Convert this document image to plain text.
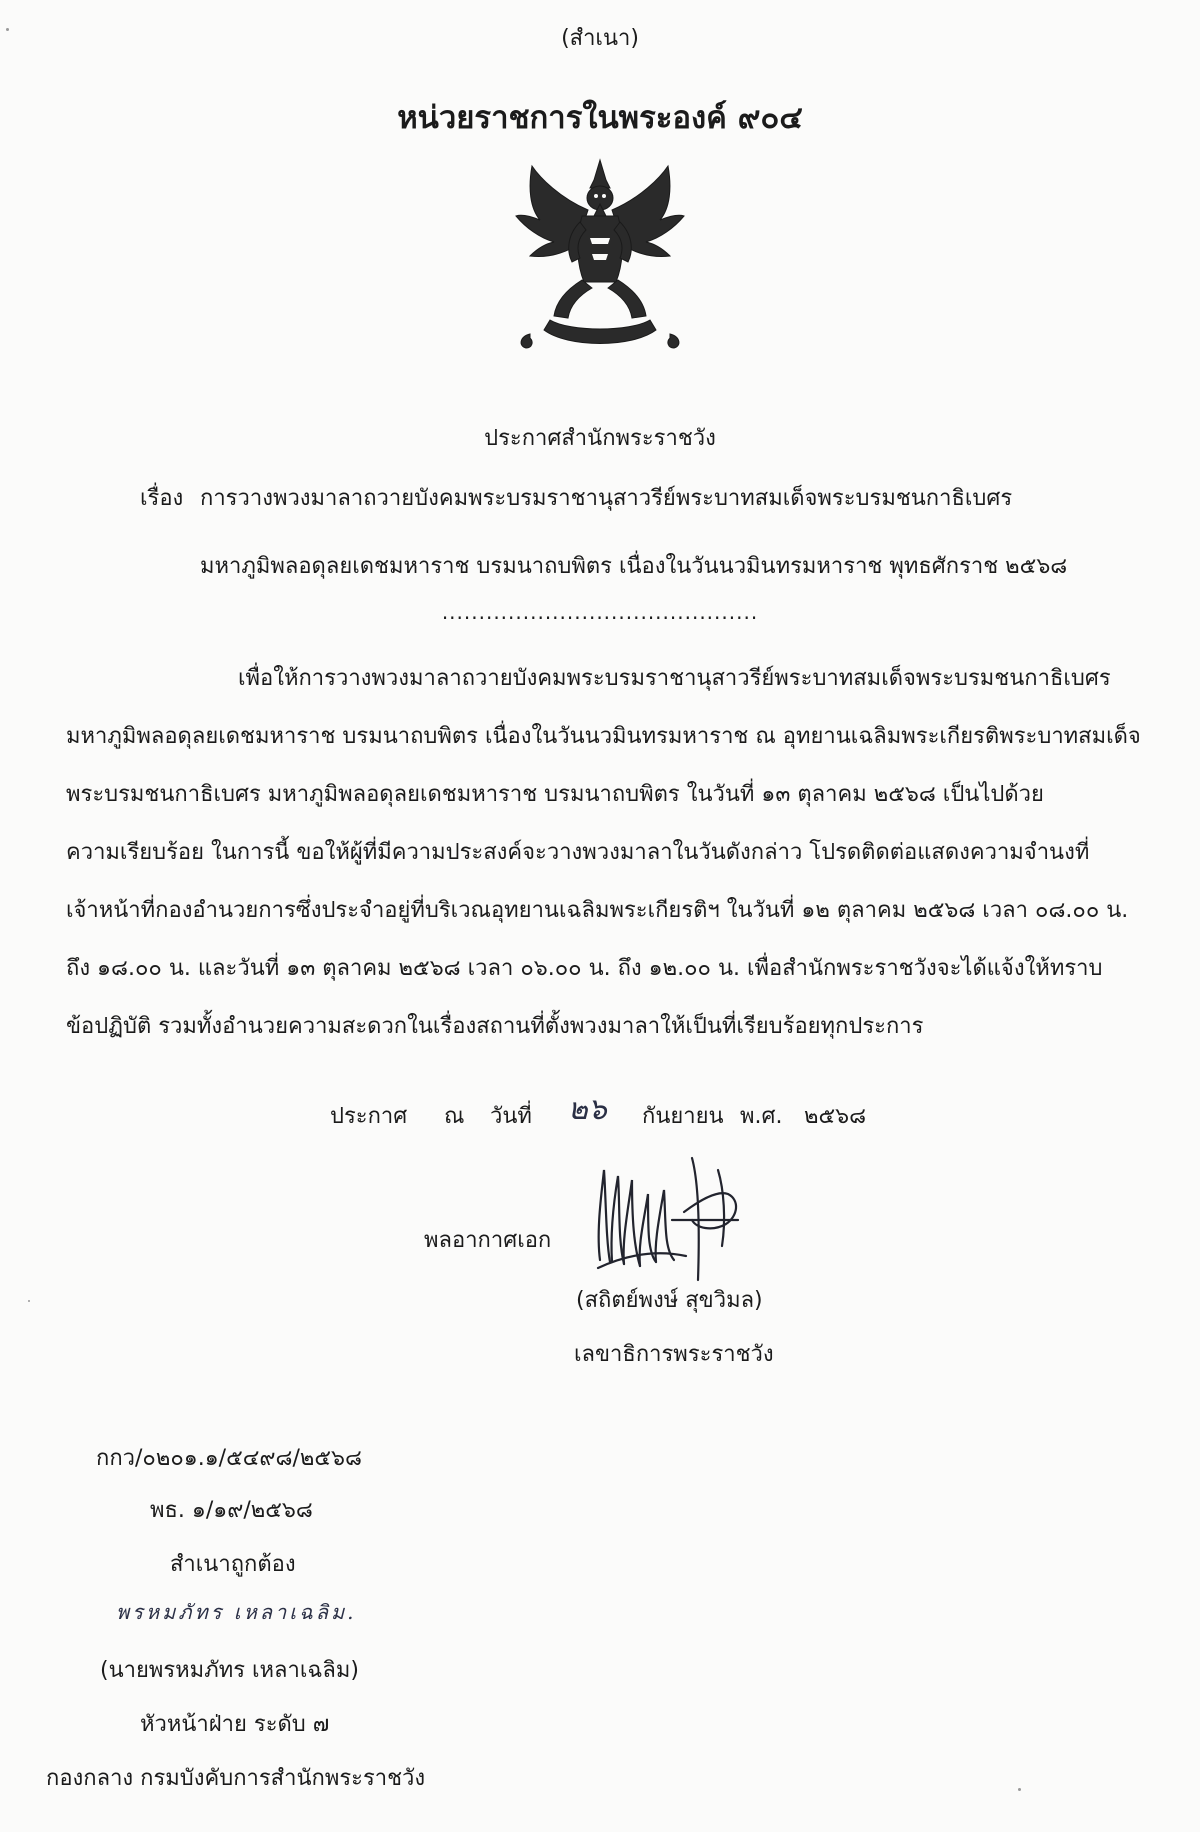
(สำเนา)
หน่วยราชการในพระองค์ ๙๐๔
ประกาศสำนักพระราชวัง
เรื่อง การวางพวงมาลาถวายบังคมพระบรมราชานุสาวรีย์พระบาทสมเด็จพระบรมชนกาธิเบศร
มหาภูมิพลอดุลยเดชมหาราช บรมนาถบพิตร เนื่องในวันนวมินทรมหาราช พุทธศักราช ๒๕๖๘
...........................................
เพื่อให้การวางพวงมาลาถวายบังคมพระบรมราชานุสาวรีย์พระบาทสมเด็จพระบรมชนกาธิเบศร
มหาภูมิพลอดุลยเดชมหาราช บรมนาถบพิตร เนื่องในวันนวมินทรมหาราช ณ อุทยานเฉลิมพระเกียรติพระบาทสมเด็จ
พระบรมชนกาธิเบศร มหาภูมิพลอดุลยเดชมหาราช บรมนาถบพิตร ในวันที่ ๑๓ ตุลาคม ๒๕๖๘ เป็นไปด้วย
ความเรียบร้อย ในการนี้ ขอให้ผู้ที่มีความประสงค์จะวางพวงมาลาในวันดังกล่าว โปรดติดต่อแสดงความจำนงที่
เจ้าหน้าที่กองอำนวยการซึ่งประจำอยู่ที่บริเวณอุทยานเฉลิมพระเกียรติฯ ในวันที่ ๑๒ ตุลาคม ๒๕๖๘ เวลา ๐๘.๐๐ น.
ถึง ๑๘.๐๐ น. และวันที่ ๑๓ ตุลาคม ๒๕๖๘ เวลา ๐๖.๐๐ น. ถึง ๑๒.๐๐ น. เพื่อสำนักพระราชวังจะได้แจ้งให้ทราบ
ข้อปฏิบัติ รวมทั้งอำนวยความสะดวกในเรื่องสถานที่ตั้งพวงมาลาให้เป็นที่เรียบร้อยทุกประการ
ประกาศ ณ วันที่ ๒๖ กันยายน พ.ศ. ๒๕๖๘
พลอากาศเอก
(สถิตย์พงษ์ สุขวิมล)
เลขาธิการพระราชวัง
กกว/๐๒๐๑.๑/๕๔๙๘/๒๕๖๘
พธ. ๑/๑๙/๒๕๖๘
สำเนาถูกต้อง
พรหมภัทร เหลาเฉลิม.
(นายพรหมภัทร เหลาเฉลิม)
หัวหน้าฝ่าย ระดับ ๗
กองกลาง กรมบังคับการสำนักพระราชวัง
